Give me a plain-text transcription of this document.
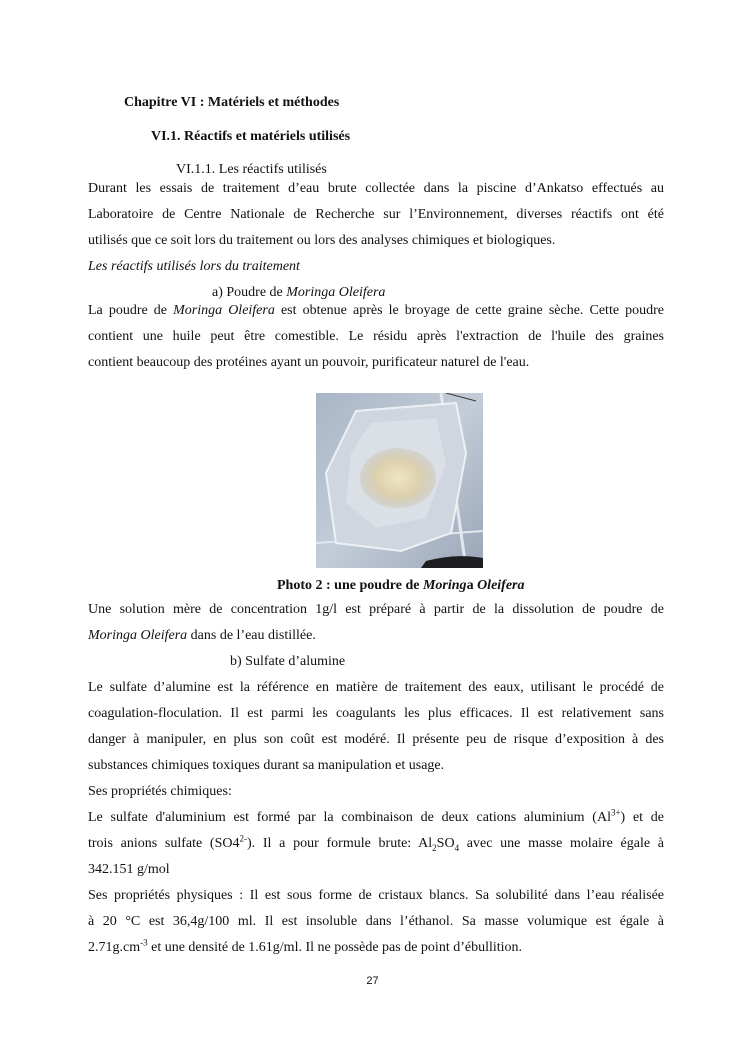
Chapitre VI : Matériels et méthodes
VI.1. Réactifs et matériels utilisés
VI.1.1. Les réactifs utilisés
Durant les essais de traitement d’eau brute collectée dans la piscine d’Ankatso effectués au
Laboratoire de Centre Nationale de Recherche sur l’Environnement, diverses réactifs ont été
utilisés que ce soit lors du traitement ou lors des analyses chimiques et biologiques.
Les réactifs utilisés lors du traitement
a) Poudre de Moringa Oleifera
La poudre de Moringa Oleifera est obtenue après le broyage de cette graine sèche. Cette poudre
contient une huile peut être comestible. Le résidu après l'extraction de l'huile des graines
contient beaucoup des protéines ayant un pouvoir, purificateur naturel de l'eau.
Photo 2 : une poudre de Moringa Oleifera
Une solution mère de concentration 1g/l est préparé à partir de la dissolution de poudre de
Moringa Oleifera dans de l’eau distillée.
b) Sulfate d’alumine
Le sulfate d’alumine est la référence en matière de traitement des eaux, utilisant le procédé de
coagulation-floculation. Il est parmi les coagulants les plus efficaces. Il est relativement sans
danger à manipuler, en plus son coût est modéré. Il présente peu de risque d’exposition à des
substances chimiques toxiques durant sa manipulation et usage.
Ses propriétés chimiques:
Le sulfate d'aluminium est formé par la combinaison de deux cations aluminium $(Al^{3+})$ et de
trois anions sulfate $(SO4^{2-})$. Il a pour formule brute: $Al_2SO_4$ avec une masse molaire égale à
342.151 g/mol
Ses propriétés physiques : Il est sous forme de cristaux blancs. Sa solubilité dans l’eau réalisée
à 20 °C est 36,4g/100 ml. Il est insoluble dans l’éthanol. Sa masse volumique est égale à
$2.71g.cm^{-3}$ et une densité de 1.61g/ml. Il ne possède pas de point d’ébullition.
27
